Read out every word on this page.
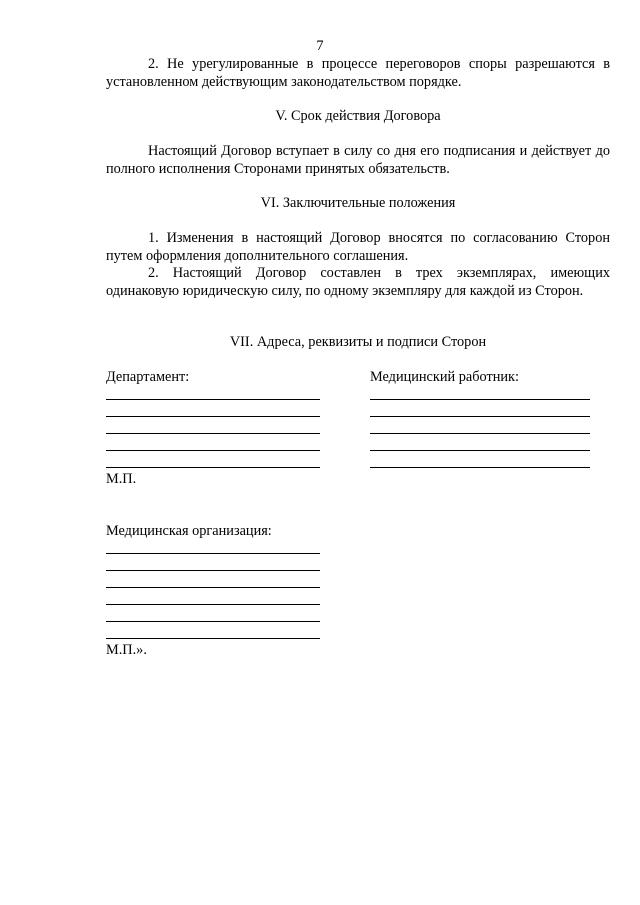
7
2. Не урегулированные в процессе переговоров споры разрешаются в установленном действующим законодательством порядке.
V. Срок действия Договора
Настоящий Договор вступает в силу со дня его подписания и действует до полного исполнения Сторонами принятых обязательств.
VI. Заключительные положения
1. Изменения в настоящий Договор вносятся по согласованию Сторон путем оформления дополнительного соглашения.
2. Настоящий Договор составлен в трех экземплярах, имеющих одинаковую юридическую силу, по одному экземпляру для каждой из Сторон.
VII. Адреса, реквизиты и подписи Сторон
Департамент:
М.П.
Медицинский работник:
Медицинская организация:
М.П.».
